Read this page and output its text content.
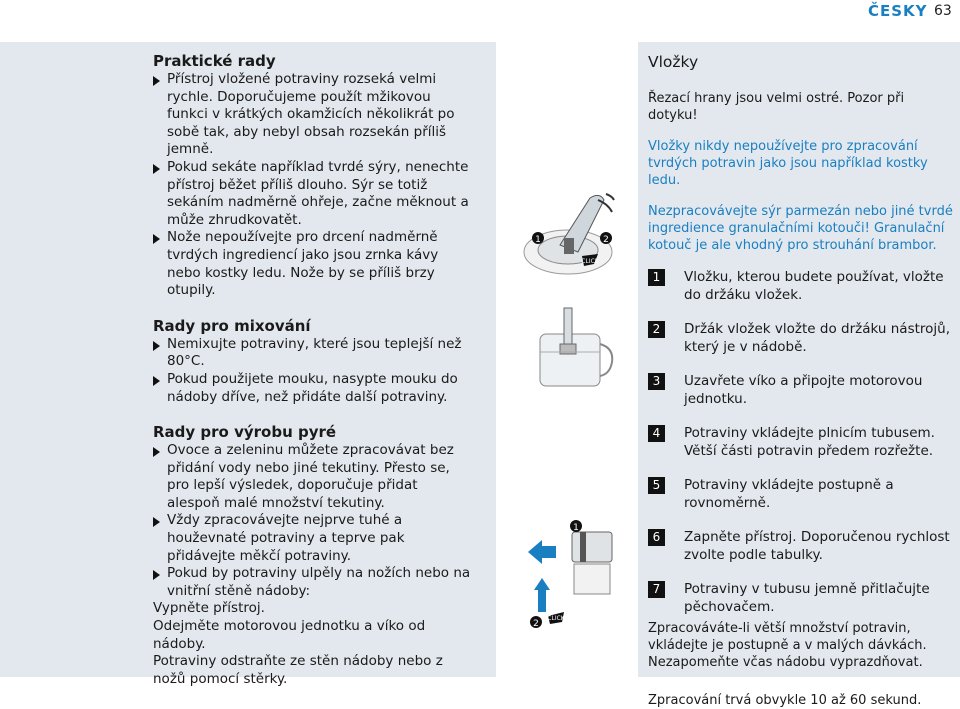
ČESKY 63
Praktické rady
Přístroj vložené potraviny rozseká velmi rychle. Doporučujeme použít mžikovou funkci v krátkých okamžicích několikrát po sobě tak, aby nebyl obsah rozsekán příliš jemně.
Pokud sekáte například tvrdé sýry, nenechte přístroj běžet příliš dlouho. Sýr se totiž sekáním nadměrně ohřeje, začne měknout a může zhrudkovatět.
Nože nepoužívejte pro drcení nadměrně tvrdých ingrediencí jako jsou zrnka kávy nebo kostky ledu. Nože by se příliš brzy otupily.
Rady pro mixování
Nemixujte potraviny, které jsou teplejší než 80°C.
Pokud použijete mouku, nasypte mouku do nádoby dříve, než přidáte další potraviny.
Rady pro výrobu pyré
Ovoce a zeleninu můžete zpracovávat bez přidání vody nebo jiné tekutiny. Přesto se, pro lepší výsledek, doporučuje přidat alespoň malé množství tekutiny.
Vždy zpracovávejte nejprve tuhé a houževnaté potraviny a teprve pak přidávejte měkčí potraviny.
Pokud by potraviny ulpěly na nožích nebo na vnitřní stěně nádoby:

Vypněte přístroj.

Odejměte motorovou jednotku a víko od nádoby.

Potraviny odstraňte ze stěn nádoby nebo z nožů pomocí stěrky.

1	2
CLICK
1
2
CLICK
Vložky

Řezací hrany jsou velmi ostré. Pozor při dotyku!

Vložky nikdy nepoužívejte pro zpracování tvrdých potravin jako jsou například kostky ledu.

Nezpracovávejte sýr parmezán nebo jiné tvrdé ingredience granulačními kotouči! Granulační kotouč je ale vhodný pro strouhání brambor.

1	Vložku, kterou budete používat, vložte do držáku vložek.
2	Držák vložek vložte do držáku nástrojů, který je v nádobě.
3	Uzavřete víko a připojte motorovou jednotku.
4	Potraviny vkládejte plnicím tubusem. Větší části potravin předem rozřežte.
5	Potraviny vkládejte postupně a rovnoměrně.
6	Zapněte přístroj. Doporučenou rychlost zvolte podle tabulky.
7	Potraviny v tubusu jemně přitlačujte pěchovačem.

Zpracováváte-li větší množství potravin, vkládejte je postupně a v malých dávkách. Nezapomeňte včas nádobu vyprazdňovat.

Zpracování trvá obvykle 10 až 60 sekund.
